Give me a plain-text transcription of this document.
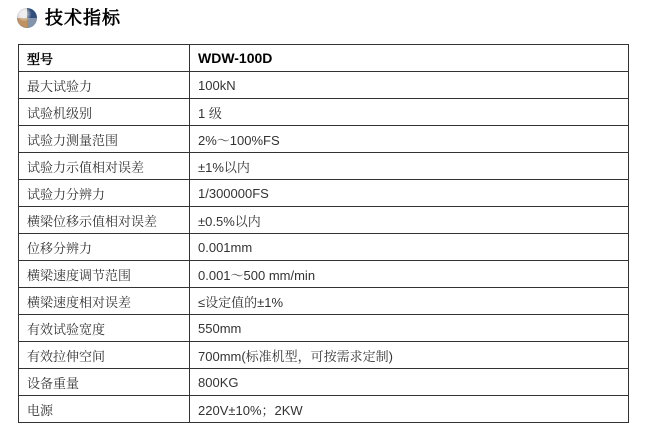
技术指标
型号	WDW-100D
最大试验力	100kN
试验机级别	1 级
试验力测量范围	2%～100%FS
试验力示值相对误差	±1%以内
试验力分辨力	1/300000FS
横梁位移示值相对误差	±0.5%以内
位移分辨力	0.001mm
横梁速度调节范围	0.001～500 mm/min
横梁速度相对误差	≤设定值的±1%
有效试验宽度	550mm
有效拉伸空间	700mm(标准机型，可按需求定制)
设备重量	800KG
电源	220V±10%；2KW
